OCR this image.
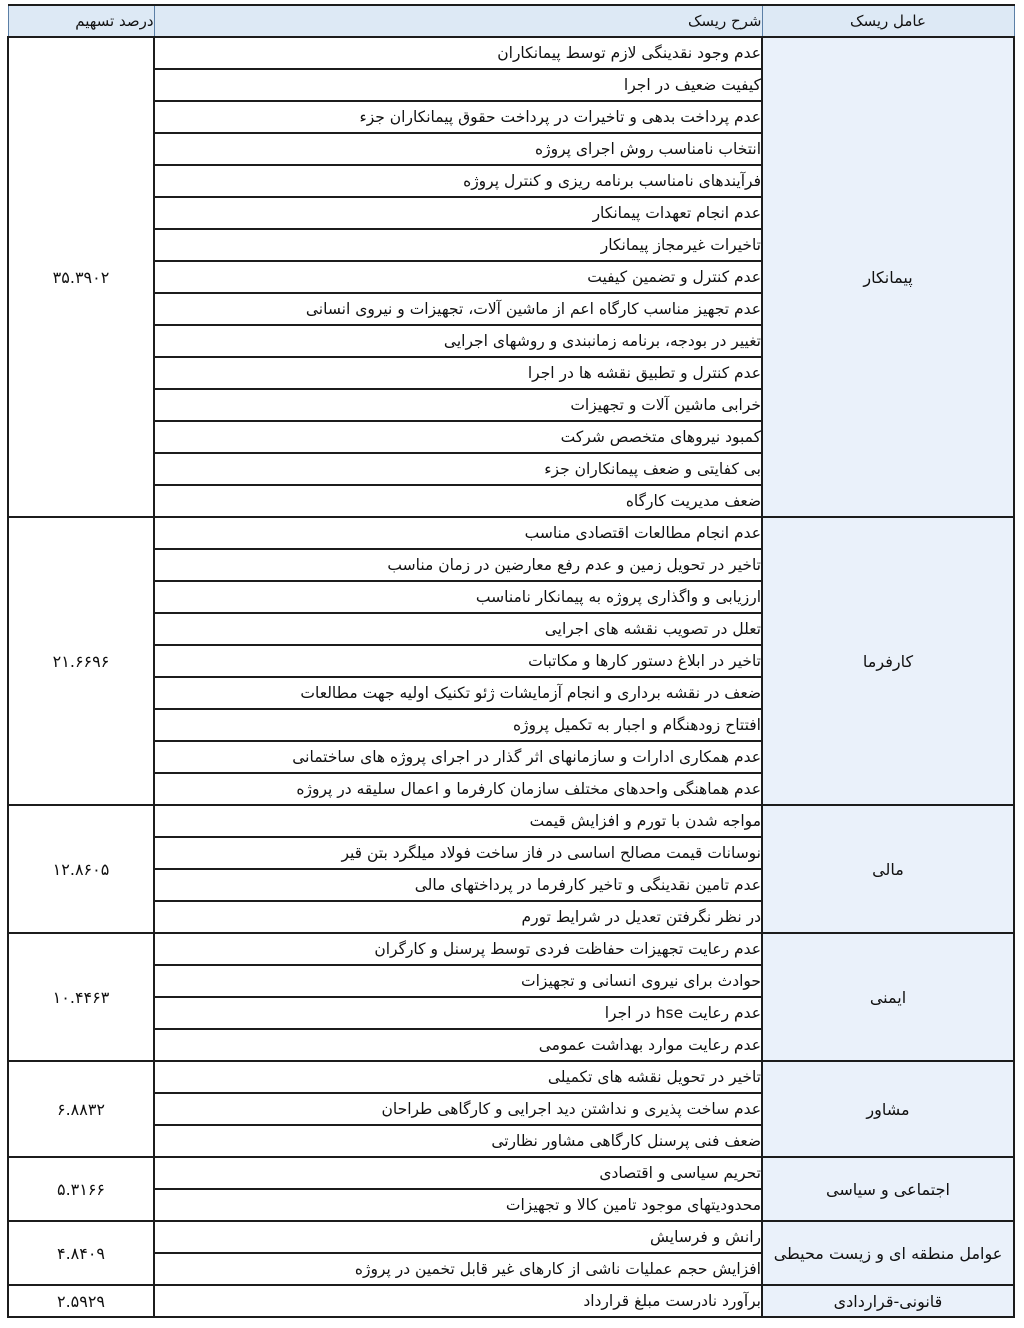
عامل ریسک	شرح ریسک	درصد تسهیم
پیمانکار	عدم وجود نقدینگی لازم توسط پیمانکاران	۳۵.۳۹۰۲
	کیفیت ضعیف در اجرا	
	عدم پرداخت بدهی و تاخیرات در پرداخت حقوق پیمانکاران جزء	
	انتخاب نامناسب روش اجرای پروژه	
	فرآیندهای نامناسب برنامه ریزی و کنترل پروژه	
	عدم انجام تعهدات پیمانکار	
	تاخیرات غیرمجاز پیمانکار	
	عدم کنترل و تضمین کیفیت	
	عدم تجهیز مناسب کارگاه اعم از ماشین آلات، تجهیزات و نیروی انسانی	
	تغییر در بودجه، برنامه زمانبندی و روشهای اجرایی	
	عدم کنترل و تطبیق نقشه ها در اجرا	
	خرابی ماشین آلات و تجهیزات	
	کمبود نیروهای متخصص شرکت	
	بی کفایتی و ضعف پیمانکاران جزء	
	ضعف مدیریت کارگاه	
کارفرما	عدم انجام مطالعات اقتصادی مناسب	۲۱.۶۶۹۶
	تاخیر در تحویل زمین و عدم رفع معارضین در زمان مناسب	
	ارزیابی و واگذاری پروژه به پیمانکار نامناسب	
	تعلل در تصویب نقشه های اجرایی	
	تاخیر در ابلاغ دستور کارها و مکاتبات	
	ضعف در نقشه برداری و انجام آزمایشات ژئو تکنیک اولیه جهت مطالعات	
	افتتاح زودهنگام و اجبار به تکمیل پروژه	
	عدم همکاری ادارات و سازمانهای اثر گذار در اجرای پروژه های ساختمانی	
	عدم هماهنگی واحدهای مختلف سازمان کارفرما و اعمال سلیقه در پروژه	
مالی	مواجه شدن با تورم و افزایش قیمت	۱۲.۸۶۰۵
	نوسانات قیمت مصالح اساسی در فاز ساخت فولاد میلگرد بتن قیر	
	عدم تامین نقدینگی و تاخیر کارفرما در پرداختهای مالی	
	در نظر نگرفتن تعدیل در شرایط تورم	
ایمنی	عدم رعایت تجهیزات حفاظت فردی توسط پرسنل و کارگران	۱۰.۴۴۶۳
	حوادث برای نیروی انسانی و تجهیزات	
	عدم رعایت hse در اجرا	
	عدم رعایت موارد بهداشت عمومی	
مشاور	تاخیر در تحویل نقشه های تکمیلی	۶.۸۸۳۲
	عدم ساخت پذیری و نداشتن دید اجرایی و کارگاهی طراحان	
	ضعف فنی پرسنل کارگاهی مشاور نظارتی	
اجتماعی و سیاسی	تحریم سیاسی و اقتصادی	۵.۳۱۶۶
	محدودیتهای موجود تامین کالا و تجهیزات	
عوامل منطقه ای و زیست محیطی	رانش و فرسایش	۴.۸۴۰۹
	افزایش حجم عملیات ناشی از کارهای غیر قابل تخمین در پروژه	
قانونی-قراردادی	برآورد نادرست مبلغ قرارداد	۲.۵۹۲۹
